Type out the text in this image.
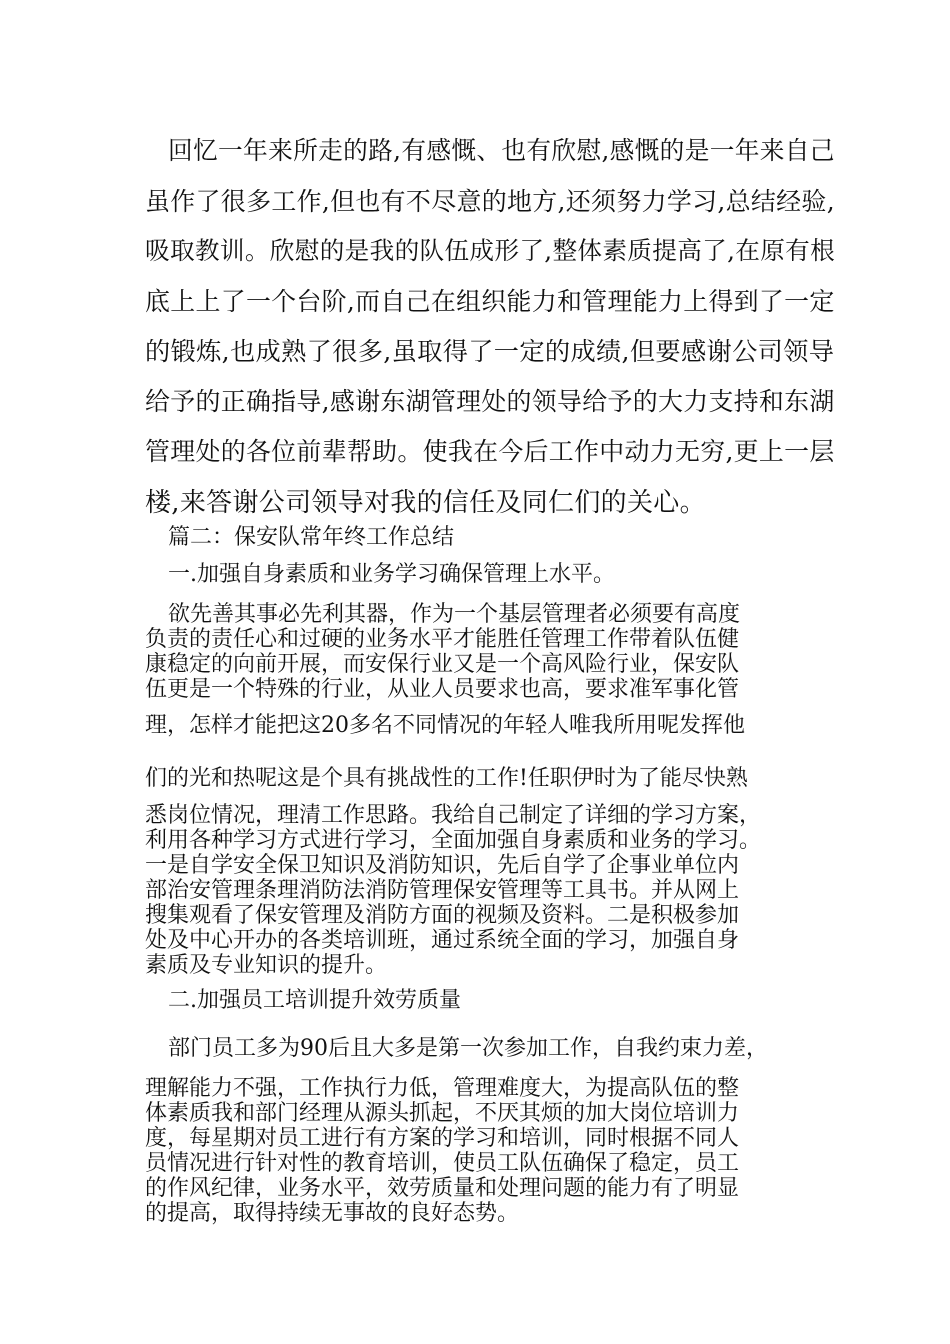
回忆一年来所走的路,有感慨、也有欣慰,感慨的是一年来自己

虽作了很多工作,但也有不尽意的地方,还须努力学习,总结经验,

吸取教训。欣慰的是我的队伍成形了,整体素质提高了,在原有根

底上上了一个台阶,而自己在组织能力和管理能力上得到了一定

的锻炼,也成熟了很多,虽取得了一定的成绩,但要感谢公司领导

给予的正确指导,感谢东湖管理处的领导给予的大力支持和东湖

管理处的各位前辈帮助。使我在今后工作中动力无穷,更上一层

楼,来答谢公司领导对我的信任及同仁们的关心。

篇二：保安队常年终工作总结

一.加强自身素质和业务学习确保管理上水平。

欲先善其事必先利其器，作为一个基层管理者必须要有高度

负责的责任心和过硬的业务水平才能胜任管理工作带着队伍健

康稳定的向前开展，而安保行业又是一个高风险行业，保安队

伍更是一个特殊的行业，从业人员要求也高，要求准军事化管

理，怎样才能把这20多名不同情况的年轻人唯我所用呢发挥他

们的光和热呢这是个具有挑战性的工作!任职伊时为了能尽快熟

悉岗位情况，理清工作思路。我给自己制定了详细的学习方案，

利用各种学习方式进行学习，全面加强自身素质和业务的学习。

一是自学安全保卫知识及消防知识，先后自学了企事业单位内

部治安管理条理消防法消防管理保安管理等工具书。并从网上

搜集观看了保安管理及消防方面的视频及资料。二是积极参加

处及中心开办的各类培训班，通过系统全面的学习，加强自身

素质及专业知识的提升。

二.加强员工培训提升效劳质量

部门员工多为90后且大多是第一次参加工作，自我约束力差，

理解能力不强，工作执行力低，管理难度大，为提高队伍的整

体素质我和部门经理从源头抓起，不厌其烦的加大岗位培训力

度，每星期对员工进行有方案的学习和培训，同时根据不同人

员情况进行针对性的教育培训，使员工队伍确保了稳定，员工

的作风纪律，业务水平，效劳质量和处理问题的能力有了明显

的提高，取得持续无事故的良好态势。
